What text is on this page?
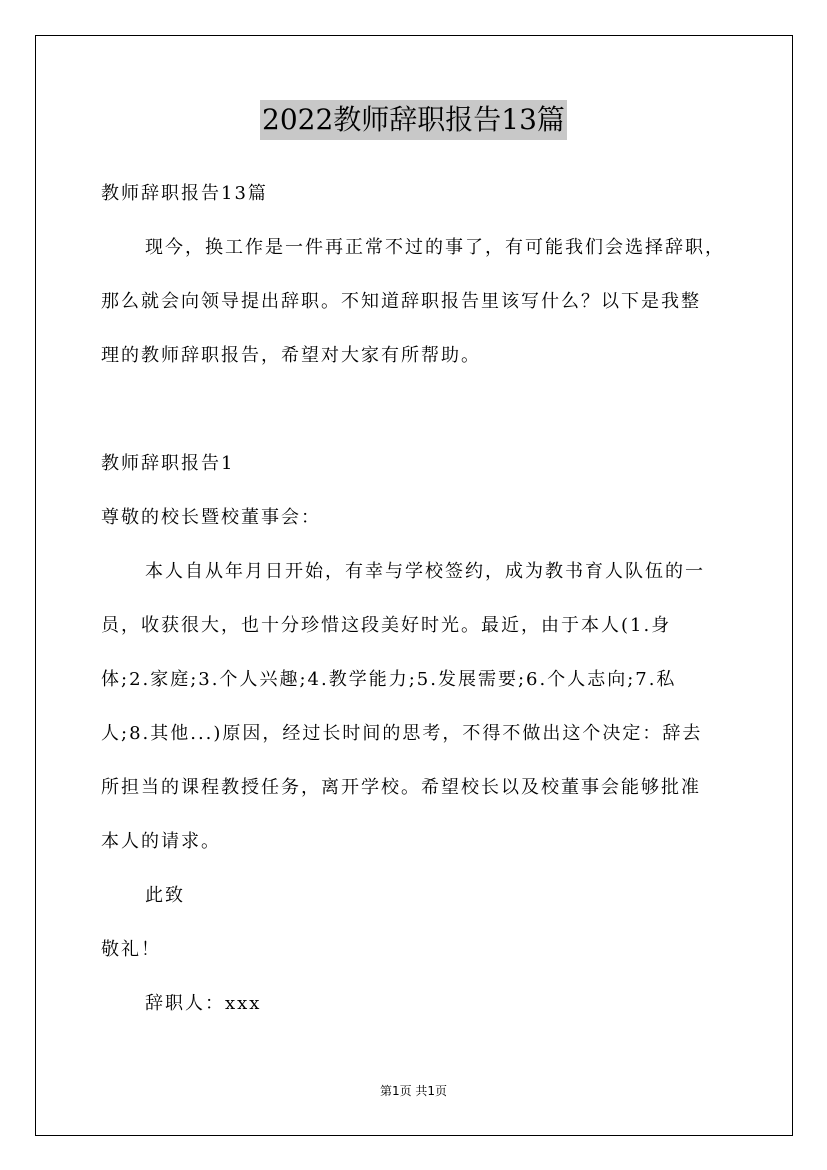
2022教师辞职报告13篇
教师辞职报告13篇
现今，换工作是一件再正常不过的事了，有可能我们会选择辞职，
那么就会向领导提出辞职。不知道辞职报告里该写什么？以下是我整
理的教师辞职报告，希望对大家有所帮助。
教师辞职报告1
尊敬的校长暨校董事会：
本人自从年月日开始，有幸与学校签约，成为教书育人队伍的一
员，收获很大，也十分珍惜这段美好时光。最近，由于本人(1.身
体;2.家庭;3.个人兴趣;4.教学能力;5.发展需要;6.个人志向;7.私
人;8.其他...)原因，经过长时间的思考，不得不做出这个决定：辞去
所担当的课程教授任务，离开学校。希望校长以及校董事会能够批准
本人的请求。
此致
敬礼！
辞职人：xxx
第1页 共1页
